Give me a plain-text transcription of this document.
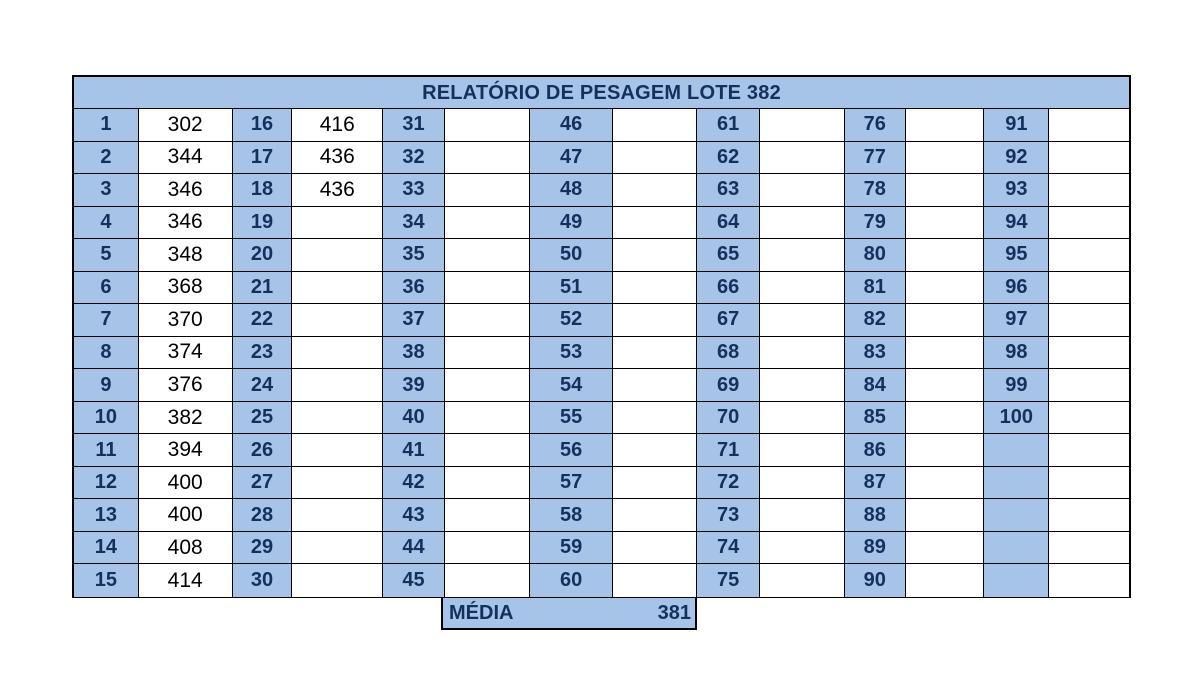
RELATÓRIO DE PESAGEM LOTE 382
1
2
3
4
5
6
7
8
9
10
11
12
13
14
15
302
344
346
346
348
368
370
374
376
382
394
400
400
408
414
16
17
18
19
20
21
22
23
24
25
26
27
28
29
30
416
436
436
31
32
33
34
35
36
37
38
39
40
41
42
43
44
45
46
47
48
49
50
51
52
53
54
55
56
57
58
59
60
61
62
63
64
65
66
67
68
69
70
71
72
73
74
75
76
77
78
79
80
81
82
83
84
85
86
87
88
89
90
91
92
93
94
95
96
97
98
99
100
MÉDIA	381
